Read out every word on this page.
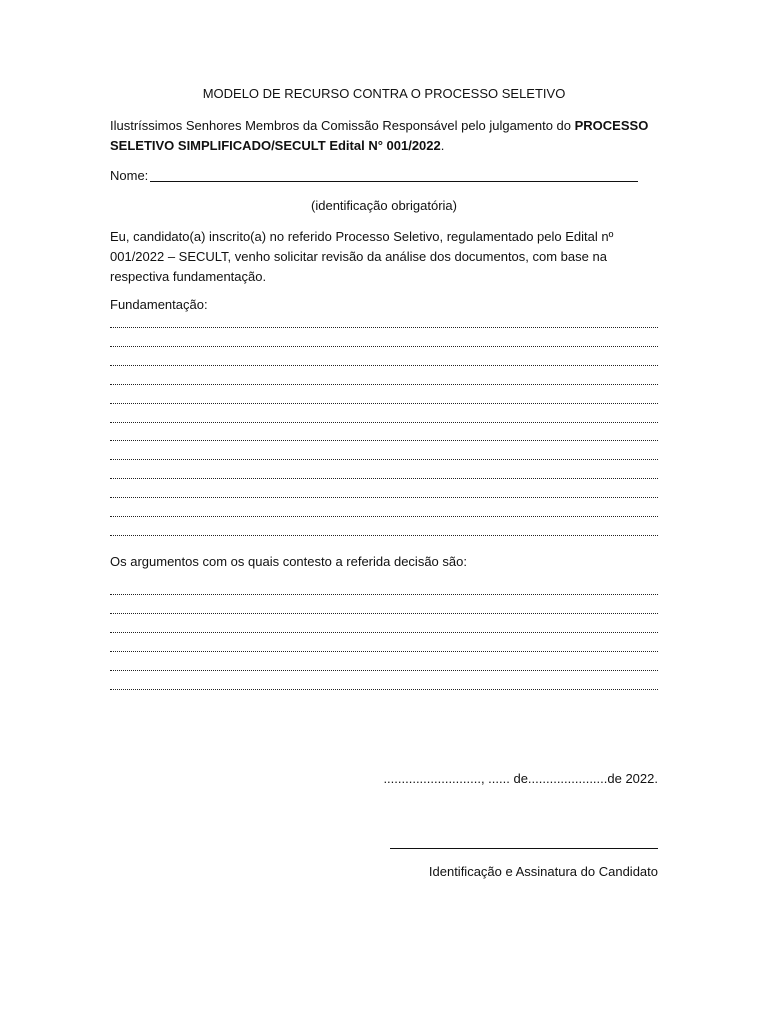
MODELO DE RECURSO CONTRA O PROCESSO SELETIVO
Ilustríssimos Senhores Membros da Comissão Responsável pelo julgamento do PROCESSO SELETIVO SIMPLIFICADO/SECULT Edital N° 001/2022.
Nome:
(identificação obrigatória)
Eu, candidato(a) inscrito(a) no referido Processo Seletivo, regulamentado pelo Edital nº 001/2022 – SECULT, venho solicitar revisão da análise dos documentos, com base na respectiva fundamentação.
Fundamentação:
Os argumentos com os quais contesto a referida decisão são:
..........................., ...... de......................de 2022.
Identificação e Assinatura do Candidato
